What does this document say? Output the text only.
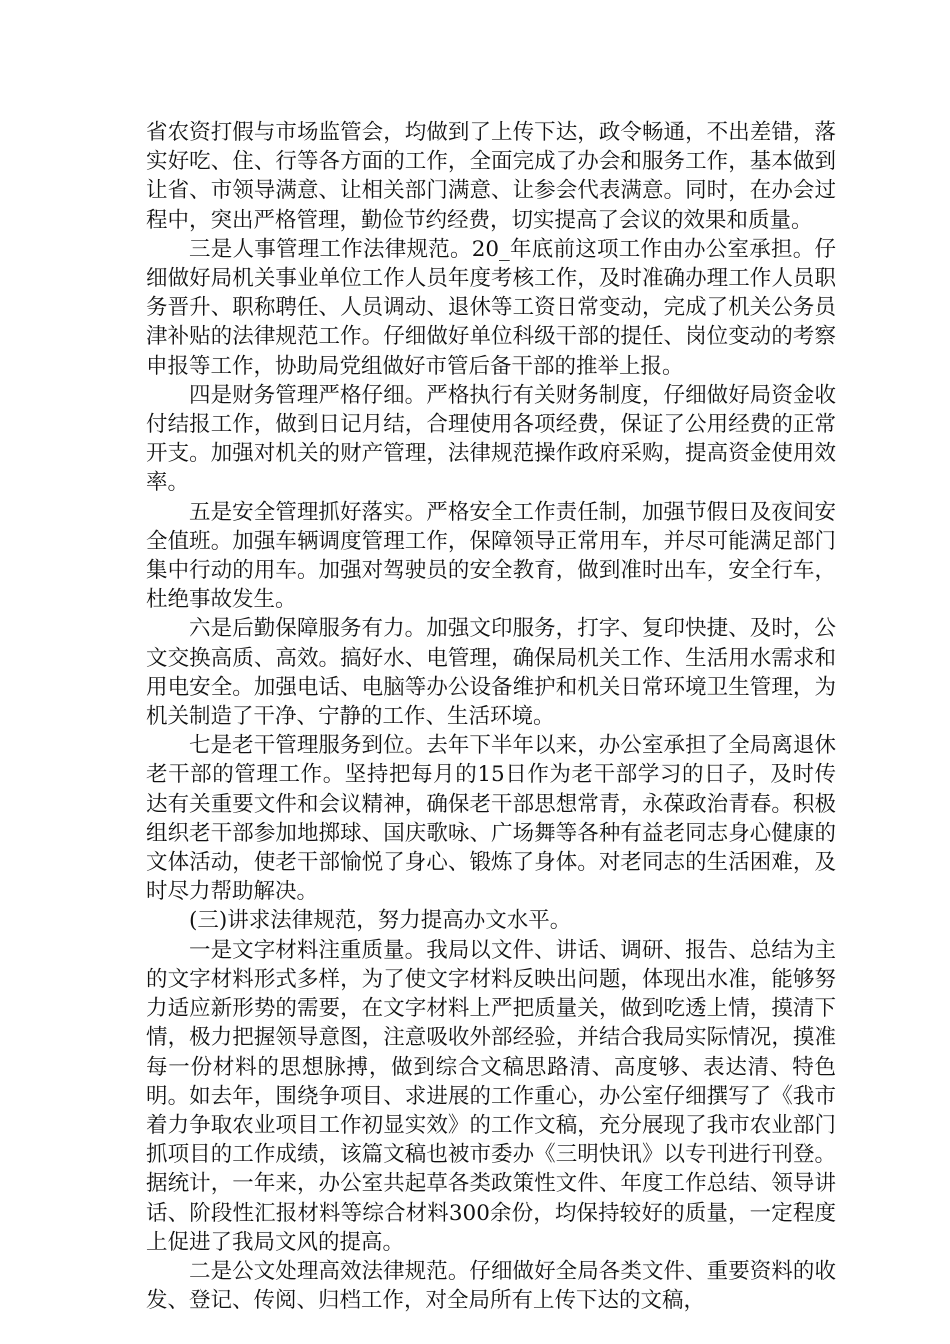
省农资打假与市场监管会，均做到了上传下达，政令畅通，不出差错，落实好吃、住、行等各方面的工作，全面完成了办会和服务工作，基本做到让省、市领导满意、让相关部门满意、让参会代表满意。同时，在办会过程中，突出严格管理，勤俭节约经费，切实提高了会议的效果和质量。

三是人事管理工作法律规范。20_年底前这项工作由办公室承担。仔细做好局机关事业单位工作人员年度考核工作，及时准确办理工作人员职务晋升、职称聘任、人员调动、退休等工资日常变动，完成了机关公务员津补贴的法律规范工作。仔细做好单位科级干部的提任、岗位变动的考察申报等工作，协助局党组做好市管后备干部的推举上报。

四是财务管理严格仔细。严格执行有关财务制度，仔细做好局资金收付结报工作，做到日记月结，合理使用各项经费，保证了公用经费的正常开支。加强对机关的财产管理，法律规范操作政府采购，提高资金使用效率。

五是安全管理抓好落实。严格安全工作责任制，加强节假日及夜间安全值班。加强车辆调度管理工作，保障领导正常用车，并尽可能满足部门集中行动的用车。加强对驾驶员的安全教育，做到准时出车，安全行车，杜绝事故发生。

六是后勤保障服务有力。加强文印服务，打字、复印快捷、及时，公文交换高质、高效。搞好水、电管理，确保局机关工作、生活用水需求和用电安全。加强电话、电脑等办公设备维护和机关日常环境卫生管理，为机关制造了干净、宁静的工作、生活环境。

七是老干管理服务到位。去年下半年以来，办公室承担了全局离退休老干部的管理工作。坚持把每月的15日作为老干部学习的日子，及时传达有关重要文件和会议精神，确保老干部思想常青，永葆政治青春。积极组织老干部参加地掷球、国庆歌咏、广场舞等各种有益老同志身心健康的文体活动，使老干部愉悦了身心、锻炼了身体。对老同志的生活困难，及时尽力帮助解决。

(三)讲求法律规范，努力提高办文水平。

一是文字材料注重质量。我局以文件、讲话、调研、报告、总结为主的文字材料形式多样，为了使文字材料反映出问题，体现出水准，能够努力适应新形势的需要，在文字材料上严把质量关，做到吃透上情，摸清下情，极力把握领导意图，注意吸收外部经验，并结合我局实际情况，摸准每一份材料的思想脉搏，做到综合文稿思路清、高度够、表达清、特色明。如去年，围绕争项目、求进展的工作重心，办公室仔细撰写了《我市着力争取农业项目工作初显实效》的工作文稿，充分展现了我市农业部门抓项目的工作成绩，该篇文稿也被市委办《三明快讯》以专刊进行刊登。据统计，一年来，办公室共起草各类政策性文件、年度工作总结、领导讲话、阶段性汇报材料等综合材料300余份，均保持较好的质量，一定程度上促进了我局文风的提高。

二是公文处理高效法律规范。仔细做好全局各类文件、重要资料的收发、登记、传阅、归档工作，对全局所有上传下达的文稿，
